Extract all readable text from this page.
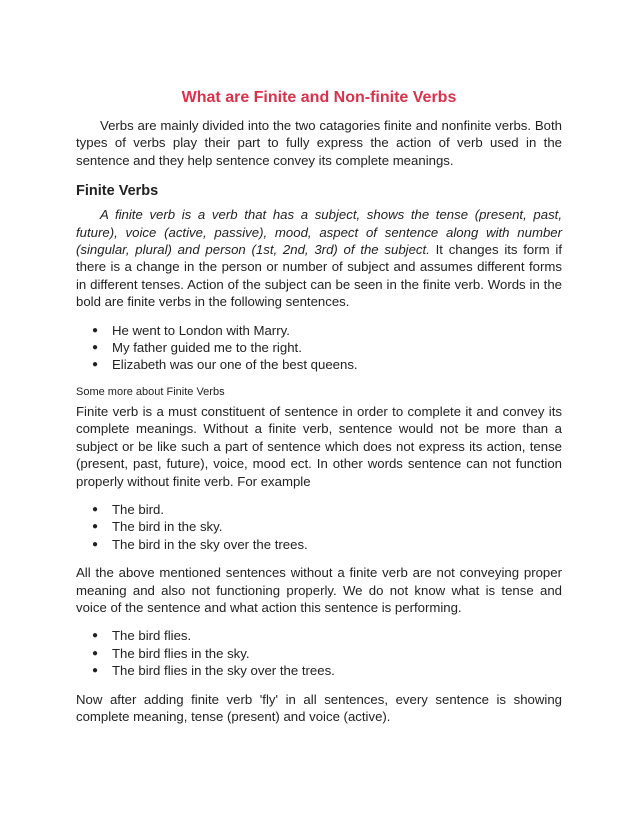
What are Finite and Non-finite Verbs

Verbs are mainly divided into the two catagories finite and nonfinite verbs. Both types of verbs play their part to fully express the action of verb used in the sentence and they help sentence convey its complete meanings.

Finite Verbs

A finite verb is a verb that has a subject, shows the tense (present, past, future), voice (active, passive), mood, aspect of sentence along with number (singular, plural) and person (1st, 2nd, 3rd) of the subject. It changes its form if there is a change in the person or number of subject and assumes different forms in different tenses. Action of the subject can be seen in the finite verb. Words in the bold are finite verbs in the following sentences.

● He went to London with Marry.
● My father guided me to the right.
● Elizabeth was our one of the best queens.
Some more about Finite Verbs

Finite verb is a must constituent of sentence in order to complete it and convey its complete meanings. Without a finite verb, sentence would not be more than a subject or be like such a part of sentence which does not express its action, tense (present, past, future), voice, mood ect. In other words sentence can not function properly without finite verb. For example

● The bird.
● The bird in the sky.
● The bird in the sky over the trees.

All the above mentioned sentences without a finite verb are not conveying proper meaning and also not functioning properly. We do not know what is tense and voice of the sentence and what action this sentence is performing.

● The bird flies.
● The bird flies in the sky.
● The bird flies in the sky over the trees.

Now after adding finite verb 'fly' in all sentences, every sentence is showing complete meaning, tense (present) and voice (active).
